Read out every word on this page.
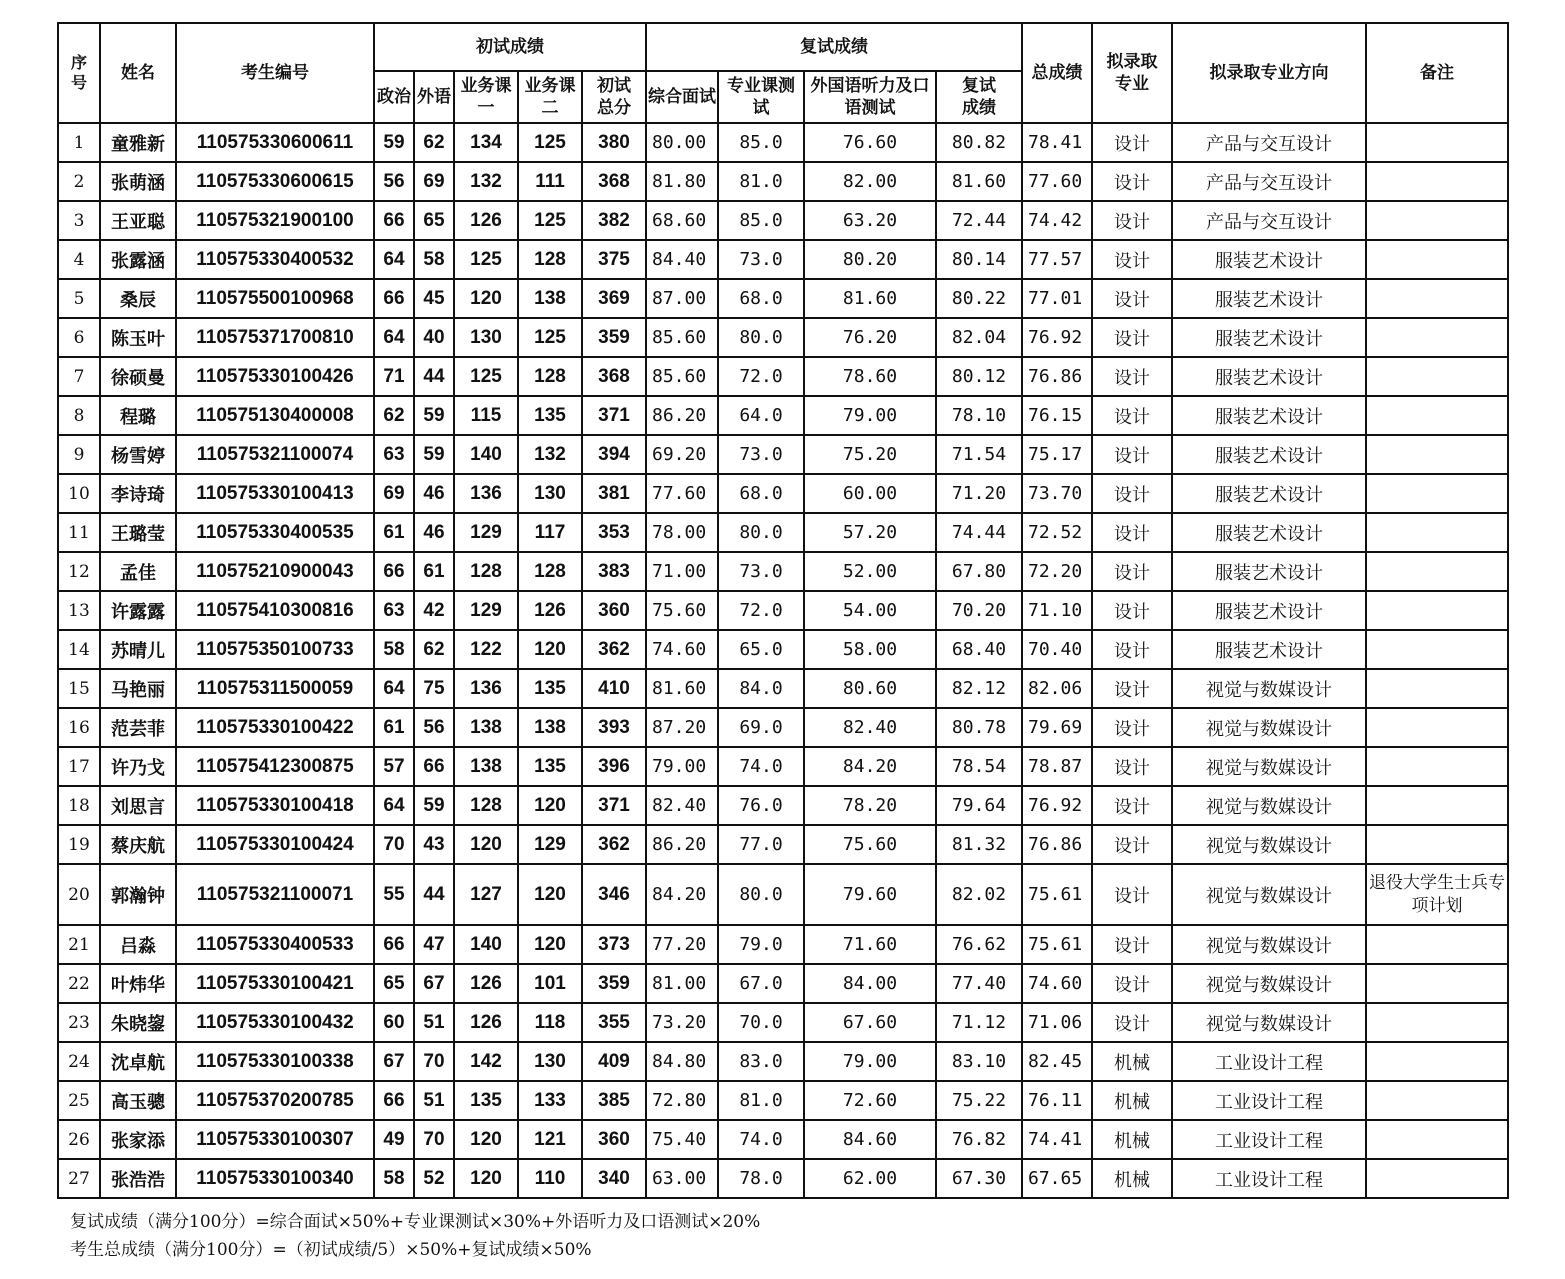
序号	姓名	考生编号	初试成绩					复试成绩				总成绩	拟录取专业	拟录取专业方向	备注
			政治	外语	业务课一	业务课二	初试总分	综合面试	专业课测试	外国语听力及口语测试	复试成绩				
1	童雅新	110575330600611	59	62	134	125	380	80.00	85.0	76.60	80.82	78.41	设计	产品与交互设计	
2	张萌涵	110575330600615	56	69	132	111	368	81.80	81.0	82.00	81.60	77.60	设计	产品与交互设计	
3	王亚聪	110575321900100	66	65	126	125	382	68.60	85.0	63.20	72.44	74.42	设计	产品与交互设计	
4	张露涵	110575330400532	64	58	125	128	375	84.40	73.0	80.20	80.14	77.57	设计	服装艺术设计	
5	桑辰	110575500100968	66	45	120	138	369	87.00	68.0	81.60	80.22	77.01	设计	服装艺术设计	
6	陈玉叶	110575371700810	64	40	130	125	359	85.60	80.0	76.20	82.04	76.92	设计	服装艺术设计	
7	徐硕曼	110575330100426	71	44	125	128	368	85.60	72.0	78.60	80.12	76.86	设计	服装艺术设计	
8	程璐	110575130400008	62	59	115	135	371	86.20	64.0	79.00	78.10	76.15	设计	服装艺术设计	
9	杨雪婷	110575321100074	63	59	140	132	394	69.20	73.0	75.20	71.54	75.17	设计	服装艺术设计	
10	李诗琦	110575330100413	69	46	136	130	381	77.60	68.0	60.00	71.20	73.70	设计	服装艺术设计	
11	王璐莹	110575330400535	61	46	129	117	353	78.00	80.0	57.20	74.44	72.52	设计	服装艺术设计	
12	孟佳	110575210900043	66	61	128	128	383	71.00	73.0	52.00	67.80	72.20	设计	服装艺术设计	
13	许露露	110575410300816	63	42	129	126	360	75.60	72.0	54.00	70.20	71.10	设计	服装艺术设计	
14	苏晴儿	110575350100733	58	62	122	120	362	74.60	65.0	58.00	68.40	70.40	设计	服装艺术设计	
15	马艳丽	110575311500059	64	75	136	135	410	81.60	84.0	80.60	82.12	82.06	设计	视觉与数媒设计	
16	范芸菲	110575330100422	61	56	138	138	393	87.20	69.0	82.40	80.78	79.69	设计	视觉与数媒设计	
17	许乃戈	110575412300875	57	66	138	135	396	79.00	74.0	84.20	78.54	78.87	设计	视觉与数媒设计	
18	刘思言	110575330100418	64	59	128	120	371	82.40	76.0	78.20	79.64	76.92	设计	视觉与数媒设计	
19	蔡庆航	110575330100424	70	43	120	129	362	86.20	77.0	75.60	81.32	76.86	设计	视觉与数媒设计	
20	郭瀚钟	110575321100071	55	44	127	120	346	84.20	80.0	79.60	82.02	75.61	设计	视觉与数媒设计	退役大学生士兵专项计划
21	吕淼	110575330400533	66	47	140	120	373	77.20	79.0	71.60	76.62	75.61	设计	视觉与数媒设计	
22	叶炜华	110575330100421	65	67	126	101	359	81.00	67.0	84.00	77.40	74.60	设计	视觉与数媒设计	
23	朱晓鋆	110575330100432	60	51	126	118	355	73.20	70.0	67.60	71.12	71.06	设计	视觉与数媒设计	
24	沈卓航	110575330100338	67	70	142	130	409	84.80	83.0	79.00	83.10	82.45	机械	工业设计工程	
25	高玉骢	110575370200785	66	51	135	133	385	72.80	81.0	72.60	75.22	76.11	机械	工业设计工程	
26	张家添	110575330100307	49	70	120	121	360	75.40	74.0	84.60	76.82	74.41	机械	工业设计工程	
27	张浩浩	110575330100340	58	52	120	110	340	63.00	78.0	62.00	67.30	67.65	机械	工业设计工程	
复试成绩（满分100分）=综合面试×50%+专业课测试×30%+外语听力及口语测试×20%
考生总成绩（满分100分）=（初试成绩/5）×50%+复试成绩×50%
